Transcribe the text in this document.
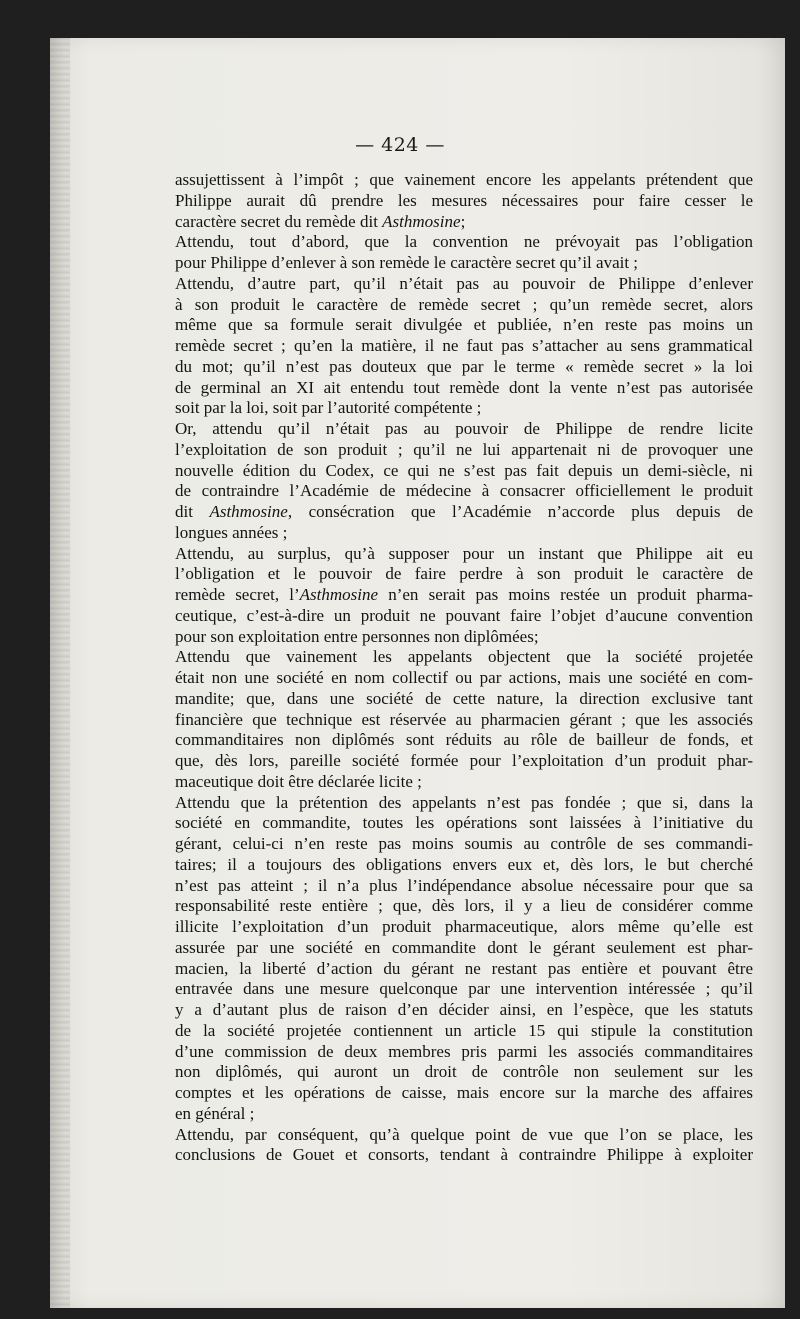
— 424 —
assujettissent à l’impôt ; que vainement encore les appelants prétendent que
Philippe aurait dû prendre les mesures nécessaires pour faire cesser le
caractère secret du remède dit Asthmosine;
Attendu, tout d’abord, que la convention ne prévoyait pas l’obligation
pour Philippe d’enlever à son remède le caractère secret qu’il avait ;
Attendu, d’autre part, qu’il n’était pas au pouvoir de Philippe d’enlever
à son produit le caractère de remède secret ; qu’un remède secret, alors
même que sa formule serait divulgée et publiée, n’en reste pas moins un
remède secret ; qu’en la matière, il ne faut pas s’attacher au sens grammatical
du mot; qu’il n’est pas douteux que par le terme « remède secret » la loi
de germinal an XI ait entendu tout remède dont la vente n’est pas autorisée
soit par la loi, soit par l’autorité compétente ;
Or, attendu qu’il n’était pas au pouvoir de Philippe de rendre licite
l’exploitation de son produit ; qu’il ne lui appartenait ni de provoquer une
nouvelle édition du Codex, ce qui ne s’est pas fait depuis un demi-siècle, ni
de contraindre l’Académie de médecine à consacrer officiellement le produit
dit Asthmosine, consécration que l’Académie n’accorde plus depuis de
longues années ;
Attendu, au surplus, qu’à supposer pour un instant que Philippe ait eu
l’obligation et le pouvoir de faire perdre à son produit le caractère de
remède secret, l’Asthmosine n’en serait pas moins restée un produit pharma-
ceutique, c’est-à-dire un produit ne pouvant faire l’objet d’aucune convention
pour son exploitation entre personnes non diplômées;
Attendu que vainement les appelants objectent que la société projetée
était non une société en nom collectif ou par actions, mais une société en com-
mandite; que, dans une société de cette nature, la direction exclusive tant
financière que technique est réservée au pharmacien gérant ; que les associés
commanditaires non diplômés sont réduits au rôle de bailleur de fonds, et
que, dès lors, pareille société formée pour l’exploitation d’un produit phar-
maceutique doit être déclarée licite ;
Attendu que la prétention des appelants n’est pas fondée ; que si, dans la
société en commandite, toutes les opérations sont laissées à l’initiative du
gérant, celui-ci n’en reste pas moins soumis au contrôle de ses commandi-
taires; il a toujours des obligations envers eux et, dès lors, le but cherché
n’est pas atteint ; il n’a plus l’indépendance absolue nécessaire pour que sa
responsabilité reste entière ; que, dès lors, il y a lieu de considérer comme
illicite l’exploitation d’un produit pharmaceutique, alors même qu’elle est
assurée par une société en commandite dont le gérant seulement est phar-
macien, la liberté d’action du gérant ne restant pas entière et pouvant être
entravée dans une mesure quelconque par une intervention intéressée ; qu’il
y a d’autant plus de raison d’en décider ainsi, en l’espèce, que les statuts
de la société projetée contiennent un article 15 qui stipule la constitution
d’une commission de deux membres pris parmi les associés commanditaires
non diplômés, qui auront un droit de contrôle non seulement sur les
comptes et les opérations de caisse, mais encore sur la marche des affaires
en général ;
Attendu, par conséquent, qu’à quelque point de vue que l’on se place, les
conclusions de Gouet et consorts, tendant à contraindre Philippe à exploiter
